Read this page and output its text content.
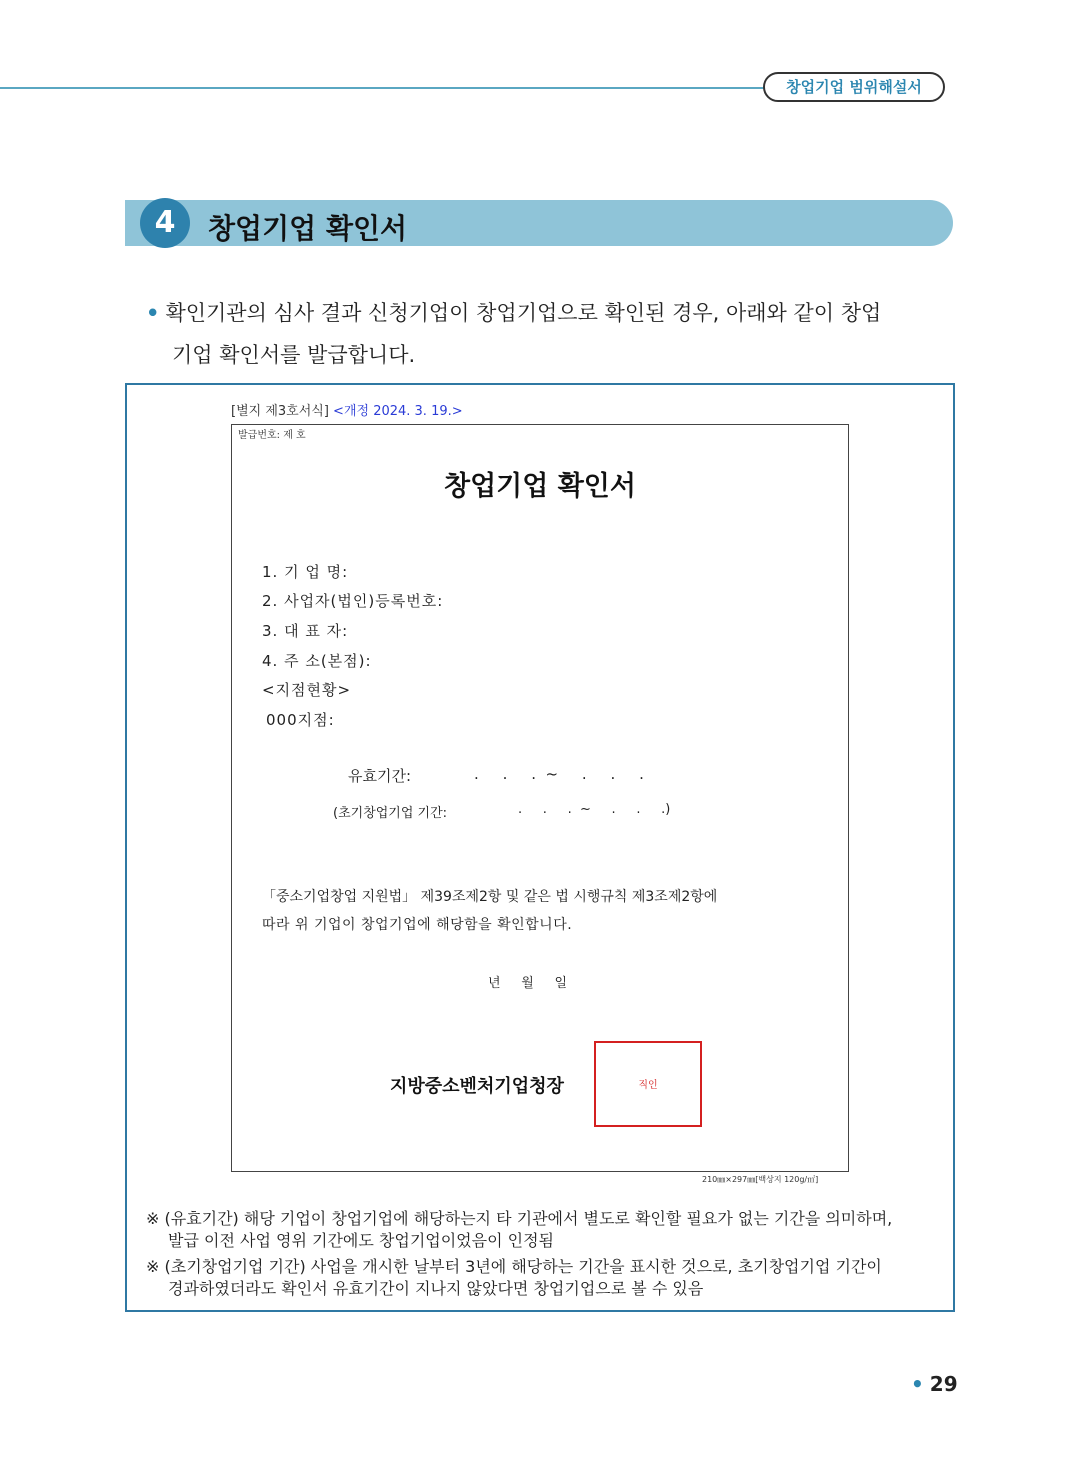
창업기업 범위해설서
4	창업기업 확인서
• 확인기관의 심사 결과 신청기업이 창업기업으로 확인된 경우, 아래와 같이 창업
기업 확인서를 발급합니다.
[별지 제3호서식] <개정 2024. 3. 19.>
발급번호: 제 호
창업기업 확인서
1. 기 업 명:
2. 사업자(법인)등록번호:
3. 대 표 자:
4. 주 소(본점):
<지점현황>
000지점:
유효기간:	.     .     .  ~     .     .     .
(초기창업기업 기간:	.     .     .  ~     .     .     .)
「중소기업창업 지원법」 제39조제2항 및 같은 법 시행규칙 제3조제2항에
따라 위 기업이 창업기업에 해당함을 확인합니다.
년     월     일
지방중소벤처기업청장	직인
210㎜×297㎜[백상지 120g/㎡]
※ (유효기간) 해당 기업이 창업기업에 해당하는지 타 기관에서 별도로 확인할 필요가 없는 기간을 의미하며,
발급 이전 사업 영위 기간에도 창업기업이었음이 인정됨
※ (초기창업기업 기간) 사업을 개시한 날부터 3년에 해당하는 기간을 표시한 것으로, 초기창업기업 기간이
경과하였더라도 확인서 유효기간이 지나지 않았다면 창업기업으로 볼 수 있음
• 29
